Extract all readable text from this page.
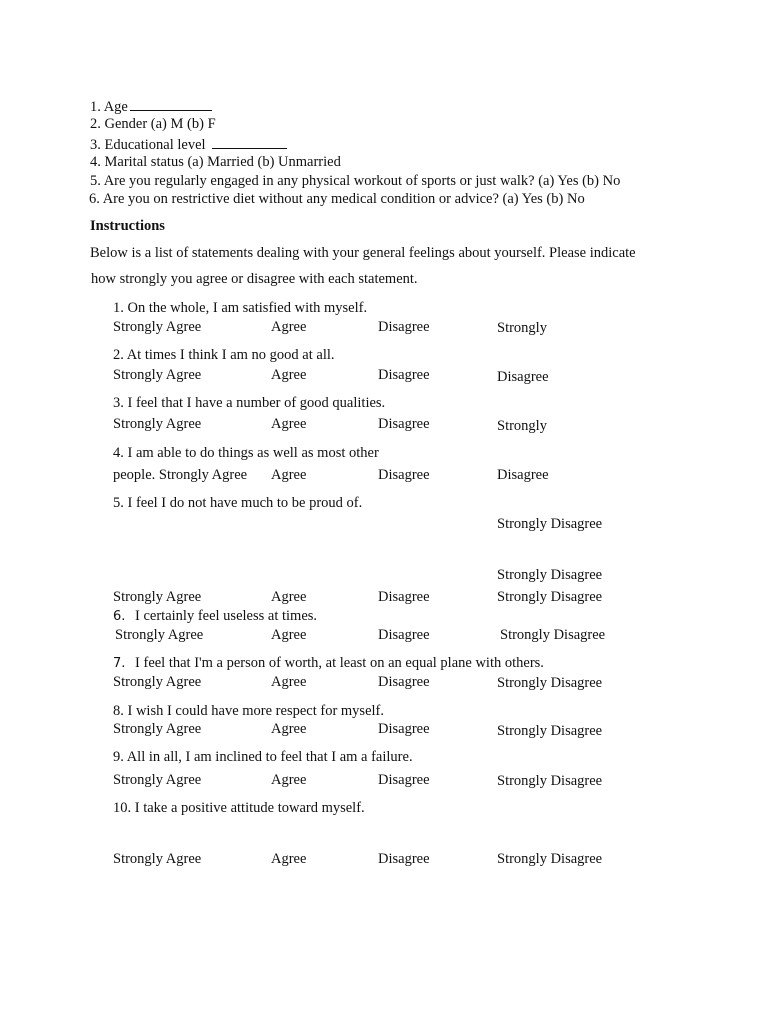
1. Age
2. Gender (a) M (b) F
3. Educational level
4. Marital status (a) Married (b) Unmarried
5. Are you regularly engaged in any physical workout of sports or just walk? (a) Yes (b) No
6. Are you on restrictive diet without any medical condition or advice? (a) Yes (b) No
Instructions
Below is a list of statements dealing with your general feelings about yourself. Please indicate
how strongly you agree or disagree with each statement.
1. On the whole, I am satisfied with myself.
Strongly Agree	Agree	Disagree	Strongly
2. At times I think I am no good at all.
Strongly Agree	Agree	Disagree	Disagree
3. I feel that I have a number of good qualities.
Strongly Agree	Agree	Disagree	Strongly
4. I am able to do things as well as most other
people. Strongly Agree Agree	Disagree	Disagree
5. I feel I do not have much to be proud of.
Strongly Disagree
Strongly Disagree
Strongly Agree	Agree	Disagree	Strongly Disagree
6. I certainly feel useless at times.
Strongly Agree	Agree	Disagree	Strongly Disagree
7. I feel that I'm a person of worth, at least on an equal plane with others.
Strongly Agree	Agree	Disagree	Strongly Disagree
8. I wish I could have more respect for myself.
Strongly Agree	Agree	Disagree	Strongly Disagree
9. All in all, I am inclined to feel that I am a failure.
Strongly Agree	Agree	Disagree	Strongly Disagree
10. I take a positive attitude toward myself.
Strongly Agree	Agree	Disagree	Strongly Disagree
